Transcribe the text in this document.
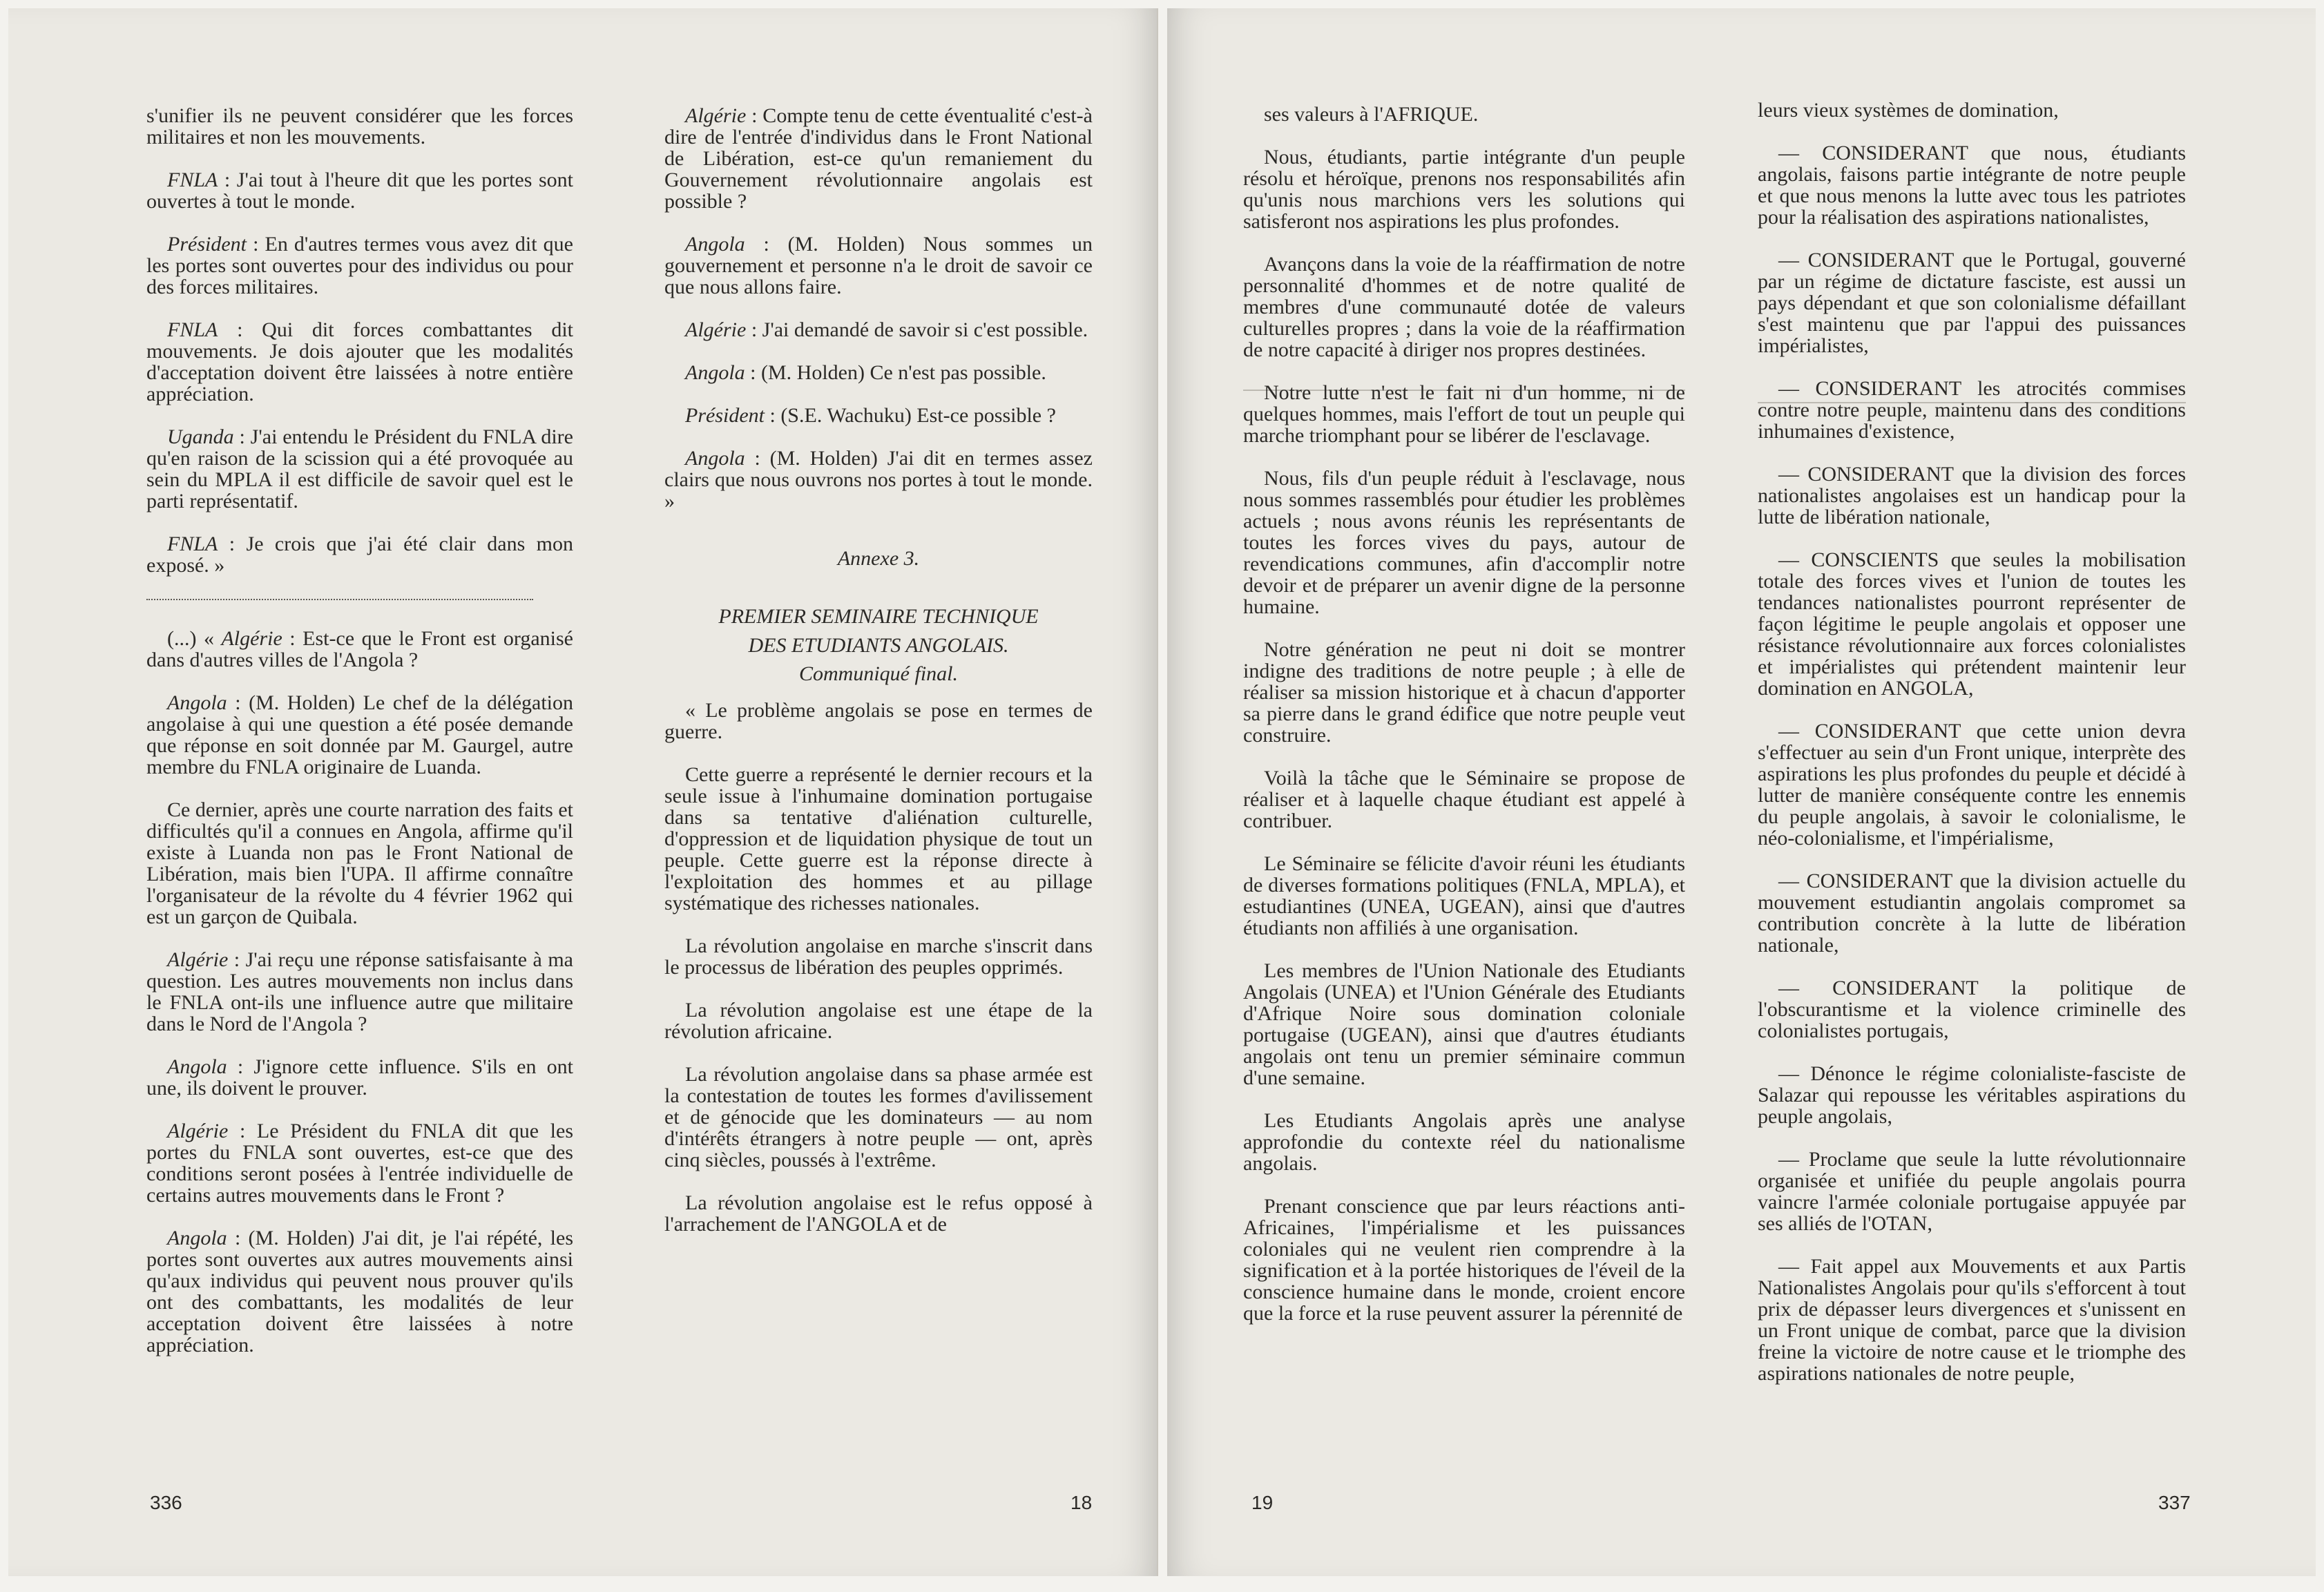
s'unifier ils ne peuvent considérer que les forces militaires et non les mouvements.

FNLA : J'ai tout à l'heure dit que les portes sont ouvertes à tout le monde.

Président : En d'autres termes vous avez dit que les portes sont ouvertes pour des individus ou pour des forces militaires.

FNLA : Qui dit forces combattantes dit mouvements. Je dois ajouter que les modalités d'acceptation doivent être laissées à notre entière appréciation.

Uganda : J'ai entendu le Président du FNLA dire qu'en raison de la scission qui a été provoquée au sein du MPLA il est difficile de savoir quel est le parti représentatif.

FNLA : Je crois que j'ai été clair dans mon exposé. »

(...) « Algérie : Est-ce que le Front est organisé dans d'autres villes de l'Angola ?

Angola : (M. Holden) Le chef de la délégation angolaise à qui une question a été posée demande que réponse en soit donnée par M. Gaurgel, autre membre du FNLA originaire de Luanda.

Ce dernier, après une courte narration des faits et difficultés qu'il a connues en Angola, affirme qu'il existe à Luanda non pas le Front National de Libération, mais bien l'UPA. Il affirme connaître l'organisateur de la révolte du 4 février 1962 qui est un garçon de Quibala.

Algérie : J'ai reçu une réponse satisfaisante à ma question. Les autres mouvements non inclus dans le FNLA ont-ils une influence autre que militaire dans le Nord de l'Angola ?

Angola : J'ignore cette influence. S'ils en ont une, ils doivent le prouver.

Algérie : Le Président du FNLA dit que les portes du FNLA sont ouvertes, est-ce que des conditions seront posées à l'entrée individuelle de certains autres mouvements dans le Front ?

Angola : (M. Holden) J'ai dit, je l'ai répété, les portes sont ouvertes aux autres mouvements ainsi qu'aux individus qui peuvent nous prouver qu'ils ont des combattants, les modalités de leur acceptation doivent être laissées à notre appréciation.

Algérie : Compte tenu de cette éventualité c'est-à dire de l'entrée d'individus dans le Front National de Libération, est-ce qu'un remaniement du Gouvernement révolutionnaire angolais est possible ?

Angola : (M. Holden) Nous sommes un gouvernement et personne n'a le droit de savoir ce que nous allons faire.

Algérie : J'ai demandé de savoir si c'est possible.

Angola : (M. Holden) Ce n'est pas possible.

Président : (S.E. Wachuku) Est-ce possible ?

Angola : (M. Holden) J'ai dit en termes assez clairs que nous ouvrons nos portes à tout le monde. »

Annexe 3.
PREMIER SEMINAIRE TECHNIQUE
DES ETUDIANTS ANGOLAIS.
Communiqué final.

« Le problème angolais se pose en termes de guerre.

Cette guerre a représenté le dernier recours et la seule issue à l'inhumaine domination portugaise dans sa tentative d'aliénation culturelle, d'oppression et de liquidation physique de tout un peuple. Cette guerre est la réponse directe à l'exploitation des hommes et au pillage systématique des richesses nationales.

La révolution angolaise en marche s'inscrit dans le processus de libération des peuples opprimés.

La révolution angolaise est une étape de la révolution africaine.

La révolution angolaise dans sa phase armée est la contestation de toutes les formes d'avilissement et de génocide que les dominateurs — au nom d'intérêts étrangers à notre peuple — ont, après cinq siècles, poussés à l'extrême.

La révolution angolaise est le refus opposé à l'arrachement de l'ANGOLA et de

336	18

ses valeurs à l'AFRIQUE.

Nous, étudiants, partie intégrante d'un peuple résolu et héroïque, prenons nos responsabilités afin qu'unis nous marchions vers les solutions qui satisferont nos aspirations les plus profondes.

Avançons dans la voie de la réaffirmation de notre personnalité d'hommes et de notre qualité de membres d'une communauté dotée de valeurs culturelles propres ; dans la voie de la réaffirmation de notre capacité à diriger nos propres destinées.

Notre lutte n'est le fait ni d'un homme, ni de quelques hommes, mais l'effort de tout un peuple qui marche triomphant pour se libérer de l'esclavage.

Nous, fils d'un peuple réduit à l'esclavage, nous nous sommes rassemblés pour étudier les problèmes actuels ; nous avons réunis les représentants de toutes les forces vives du pays, autour de revendications communes, afin d'accomplir notre devoir et de préparer un avenir digne de la personne humaine.

Notre génération ne peut ni doit se montrer indigne des traditions de notre peuple ; à elle de réaliser sa mission historique et à chacun d'apporter sa pierre dans le grand édifice que notre peuple veut construire.

Voilà la tâche que le Séminaire se propose de réaliser et à laquelle chaque étudiant est appelé à contribuer.

Le Séminaire se félicite d'avoir réuni les étudiants de diverses formations politiques (FNLA, MPLA), et estudiantines (UNEA, UGEAN), ainsi que d'autres étudiants non affiliés à une organisation.

Les membres de l'Union Nationale des Etudiants Angolais (UNEA) et l'Union Générale des Etudiants d'Afrique Noire sous domination coloniale portugaise (UGEAN), ainsi que d'autres étudiants angolais ont tenu un premier séminaire commun d'une semaine.

Les Etudiants Angolais après une analyse approfondie du contexte réel du nationalisme angolais.

Prenant conscience que par leurs réactions anti-Africaines, l'impérialisme et les puissances coloniales qui ne veulent rien comprendre à la signification et à la portée historiques de l'éveil de la conscience humaine dans le monde, croient encore que la force et la ruse peuvent assurer la pérennité de

leurs vieux systèmes de domination,

— CONSIDERANT que nous, étudiants angolais, faisons partie intégrante de notre peuple et que nous menons la lutte avec tous les patriotes pour la réalisation des aspirations nationalistes,

— CONSIDERANT que le Portugal, gouverné par un régime de dictature fasciste, est aussi un pays dépendant et que son colonialisme défaillant s'est maintenu que par l'appui des puissances impérialistes,

— CONSIDERANT les atrocités commises contre notre peuple, maintenu dans des conditions inhumaines d'existence,

— CONSIDERANT que la division des forces nationalistes angolaises est un handicap pour la lutte de libération nationale,

— CONSCIENTS que seules la mobilisation totale des forces vives et l'union de toutes les tendances nationalistes pourront représenter de façon légitime le peuple angolais et opposer une résistance révolutionnaire aux forces colonialistes et impérialistes qui prétendent maintenir leur domination en ANGOLA,

— CONSIDERANT que cette union devra s'effectuer au sein d'un Front unique, interprète des aspirations les plus profondes du peuple et décidé à lutter de manière conséquente contre les ennemis du peuple angolais, à savoir le colonialisme, le néo-colonialisme, et l'impérialisme,

— CONSIDERANT que la division actuelle du mouvement estudiantin angolais compromet sa contribution concrète à la lutte de libération nationale,

— CONSIDERANT la politique de l'obscurantisme et la violence criminelle des colonialistes portugais,

— Dénonce le régime colonialiste-fasciste de Salazar qui repousse les véritables aspirations du peuple angolais,

— Proclame que seule la lutte révolutionnaire organisée et unifiée du peuple angolais pourra vaincre l'armée coloniale portugaise appuyée par ses alliés de l'OTAN,

— Fait appel aux Mouvements et aux Partis Nationalistes Angolais pour qu'ils s'efforcent à tout prix de dépasser leurs divergences et s'unissent en un Front unique de combat, parce que la division freine la victoire de notre cause et le triomphe des aspirations nationales de notre peuple,

19	337
